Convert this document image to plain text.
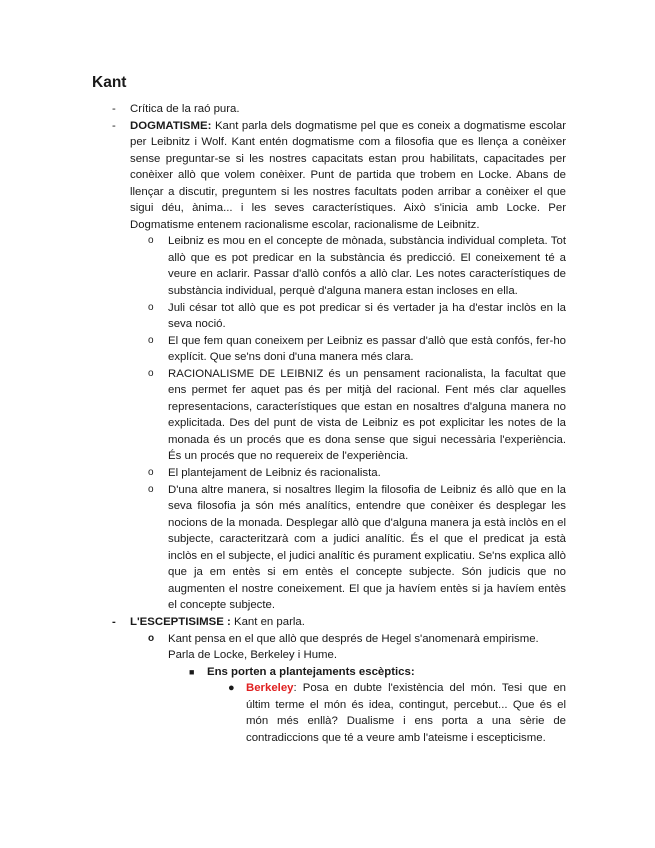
Kant
- Crítica de la raó pura.
- DOGMATISME: Kant parla dels dogmatisme pel que es coneix a dogmatisme escolar per Leibnitz i Wolf. Kant entén dogmatisme com a filosofia que es llença a conèixer sense preguntar-se si les nostres capacitats estan prou habilitats, capacitades per conèixer allò que volem conèixer. Punt de partida que trobem en Locke. Abans de llençar a discutir, preguntem si les nostres facultats poden arribar a conèixer el que sigui déu, ànima... i les seves característiques. Això s'inicia amb Locke. Per Dogmatisme entenem racionalisme escolar, racionalisme de Leibnitz.
o Leibniz es mou en el concepte de mònada, substància individual completa. Tot allò que es pot predicar en la substància és predicció. El coneixement té a veure en aclarir. Passar d'allò confós a allò clar. Les notes característiques de substància individual, perquè d'alguna manera estan incloses en ella.
o Juli césar tot allò que es pot predicar si és vertader ja ha d'estar inclòs en la seva noció.
o El que fem quan coneixem per Leibniz es passar d'allò que està confós, fer-ho explícit. Que se'ns doni d'una manera més clara.
o RACIONALISME DE LEIBNIZ és un pensament racionalista, la facultat que ens permet fer aquet pas és per mitjà del racional. Fent més clar aquelles representacions, característiques que estan en nosaltres d'alguna manera no explicitada. Des del punt de vista de Leibniz es pot explicitar les notes de la monada és un procés que es dona sense que sigui necessària l'experiència. És un procés que no requereix de l'experiència.
o El plantejament de Leibniz és racionalista.
o D'una altre manera, si nosaltres llegim la filosofia de Leibniz és allò que en la seva filosofia ja són més analítics, entendre que conèixer és desplegar les nocions de la monada. Desplegar allò que d'alguna manera ja està inclòs en el subjecte, caracteritzarà com a judici analític. És el que el predicat ja està inclòs en el subjecte, el judici analític és purament explicatiu. Se'ns explica allò que ja em entès si em entès el concepte subjecte. Són judicis que no augmenten el nostre coneixement. El que ja havíem entès si ja havíem entès el concepte subjecte.
- L'ESCEPTISIMSE : Kant en parla.
o Kant pensa en el que allò que després de Hegel s'anomenarà empirisme. Parla de Locke, Berkeley i Hume.
■ Ens porten a plantejaments escèptics:
● Berkeley: Posa en dubte l'existència del món. Tesi que en últim terme el món és idea, contingut, percebut... Que és el món més enllà? Dualisme i ens porta a una sèrie de contradiccions que té a veure amb l'ateisme i escepticisme.
